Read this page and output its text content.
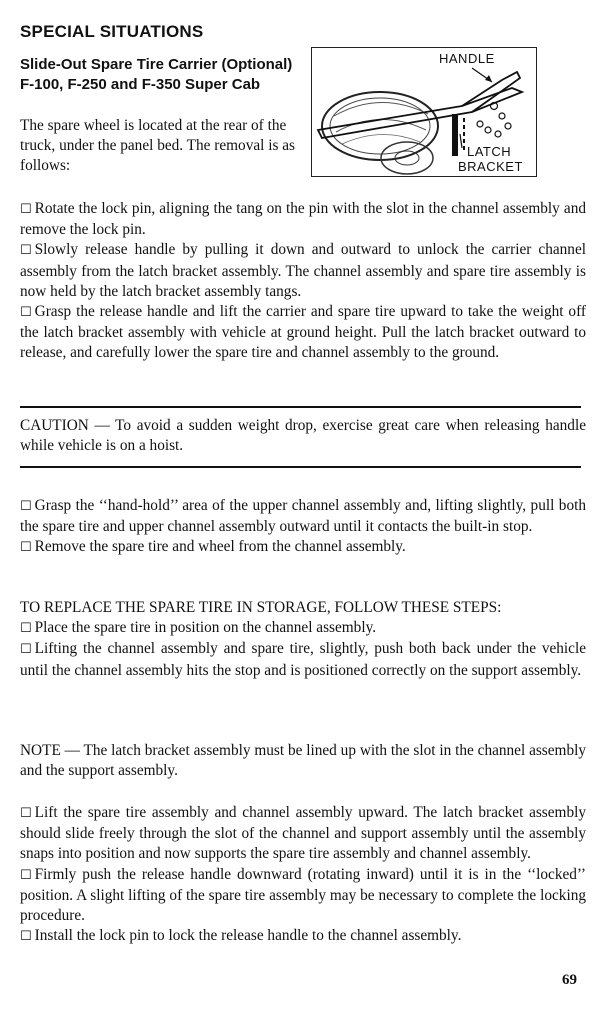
SPECIAL SITUATIONS
Slide-Out Spare Tire Carrier (Optional) F-100, F-250 and F-350 Super Cab

The spare wheel is located at the rear of the truck, under the panel bed. The removal is as follows:

HANDLE
LATCH
BRACKET

☐ Rotate the lock pin, aligning the tang on the pin with the slot in the channel assembly and remove the lock pin.

☐ Slowly release handle by pulling it down and outward to unlock the carrier channel assembly from the latch bracket assembly. The channel assembly and spare tire assembly is now held by the latch bracket assembly tangs.

☐ Grasp the release handle and lift the carrier and spare tire upward to take the weight off the latch bracket assembly with vehicle at ground height. Pull the latch bracket outward to release, and carefully lower the spare tire and channel assembly to the ground.

CAUTION — To avoid a sudden weight drop, exercise great care when releasing handle while vehicle is on a hoist.

☐ Grasp the ‘‘hand-hold’’ area of the upper channel assembly and, lifting slightly, pull both the spare tire and upper channel assembly outward until it contacts the built-in stop.

☐ Remove the spare tire and wheel from the channel assembly.

TO REPLACE THE SPARE TIRE IN STORAGE, FOLLOW THESE STEPS:

☐ Place the spare tire in position on the channel assembly.

☐ Lifting the channel assembly and spare tire, slightly, push both back under the vehicle until the channel assembly hits the stop and is positioned correctly on the support assembly.

NOTE — The latch bracket assembly must be lined up with the slot in the channel assembly and the support assembly.

☐ Lift the spare tire assembly and channel assembly upward. The latch bracket assembly should slide freely through the slot of the channel and support assembly until the assembly snaps into position and now supports the spare tire assembly and channel assembly.

☐ Firmly push the release handle downward (rotating inward) until it is in the ‘‘locked’’ position. A slight lifting of the spare tire assembly may be necessary to complete the locking procedure.

☐ Install the lock pin to lock the release handle to the channel assembly.

69
